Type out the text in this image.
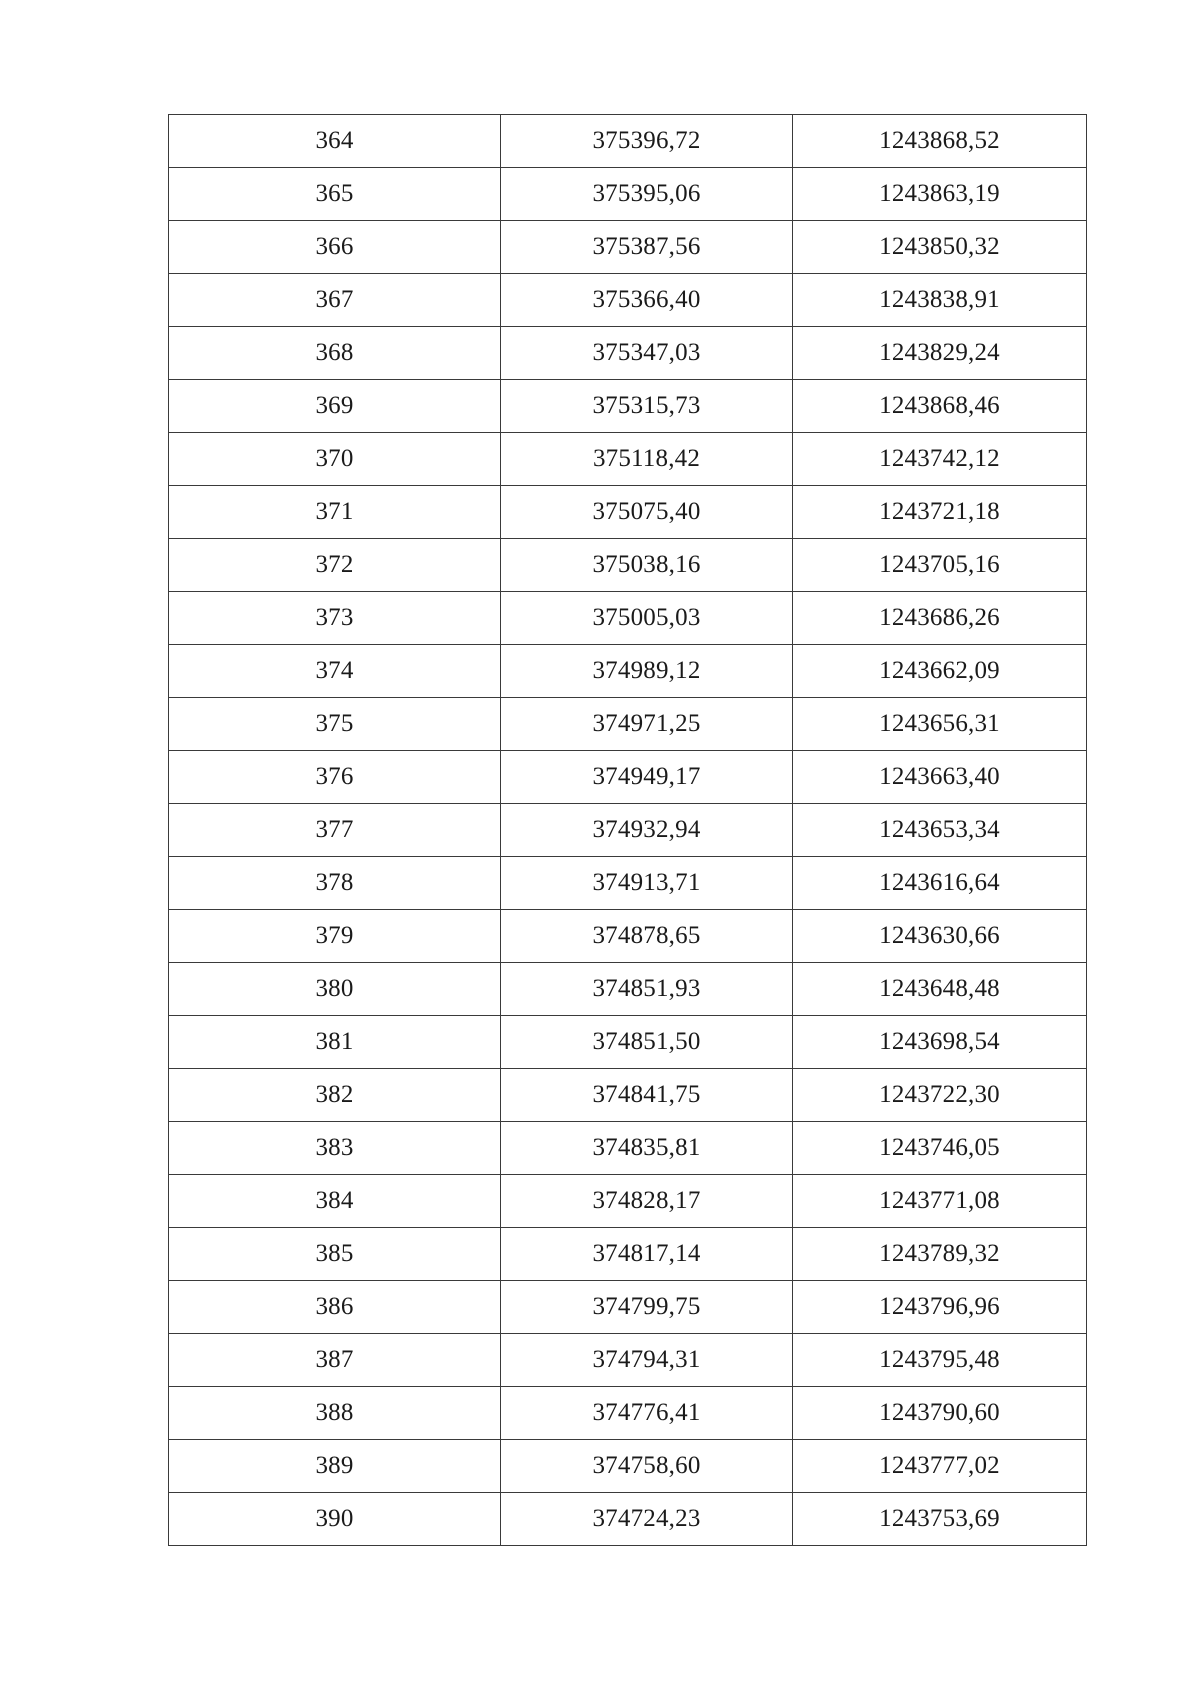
364	375396,72	1243868,52
365	375395,06	1243863,19
366	375387,56	1243850,32
367	375366,40	1243838,91
368	375347,03	1243829,24
369	375315,73	1243868,46
370	375118,42	1243742,12
371	375075,40	1243721,18
372	375038,16	1243705,16
373	375005,03	1243686,26
374	374989,12	1243662,09
375	374971,25	1243656,31
376	374949,17	1243663,40
377	374932,94	1243653,34
378	374913,71	1243616,64
379	374878,65	1243630,66
380	374851,93	1243648,48
381	374851,50	1243698,54
382	374841,75	1243722,30
383	374835,81	1243746,05
384	374828,17	1243771,08
385	374817,14	1243789,32
386	374799,75	1243796,96
387	374794,31	1243795,48
388	374776,41	1243790,60
389	374758,60	1243777,02
390	374724,23	1243753,69
